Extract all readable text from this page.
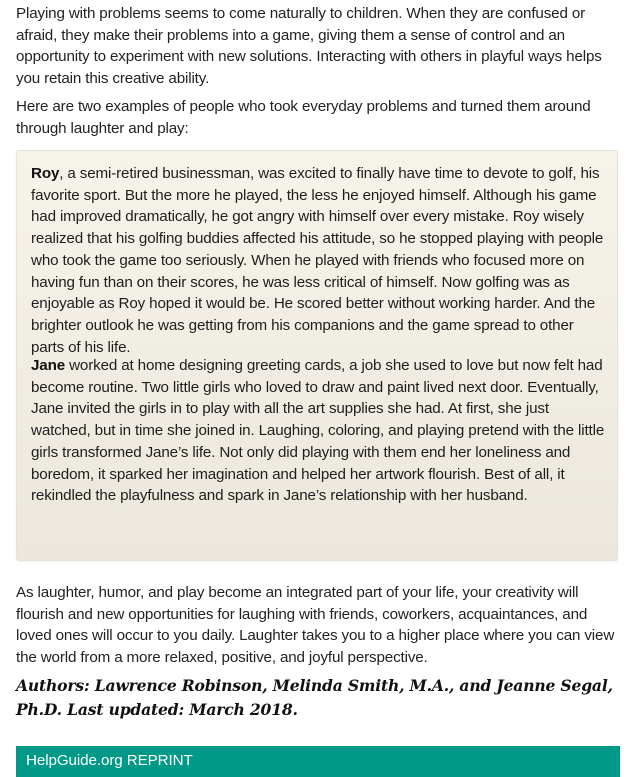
Playing with problems seems to come naturally to children. When they are confused or afraid, they make their problems into a game, giving them a sense of control and an opportunity to experiment with new solutions. Interacting with others in playful ways helps you retain this creative ability.

Here are two examples of people who took everyday problems and turned them around through laughter and play:

Roy, a semi-retired businessman, was excited to finally have time to devote to golf, his favorite sport. But the more he played, the less he enjoyed himself. Although his game had improved dramatically, he got angry with himself over every mistake. Roy wisely realized that his golfing buddies affected his attitude, so he stopped playing with people who took the game too seriously. When he played with friends who focused more on having fun than on their scores, he was less critical of himself. Now golfing was as enjoyable as Roy hoped it would be. He scored better without working harder. And the brighter outlook he was getting from his companions and the game spread to other parts of his life.

Jane worked at home designing greeting cards, a job she used to love but now felt had become routine. Two little girls who loved to draw and paint lived next door. Eventually, Jane invited the girls in to play with all the art supplies she had. At first, she just watched, but in time she joined in. Laughing, coloring, and playing pretend with the little girls transformed Jane’s life. Not only did playing with them end her loneliness and boredom, it sparked her imagination and helped her artwork flourish. Best of all, it rekindled the playfulness and spark in Jane’s relationship with her husband.

As laughter, humor, and play become an integrated part of your life, your creativity will flourish and new opportunities for laughing with friends, coworkers, acquaintances, and loved ones will occur to you daily. Laughter takes you to a higher place where you can view the world from a more relaxed, positive, and joyful perspective.

Authors: Lawrence Robinson, Melinda Smith, M.A., and Jeanne Segal, Ph.D. Last updated: March 2018.

HelpGuide.org REPRINT
